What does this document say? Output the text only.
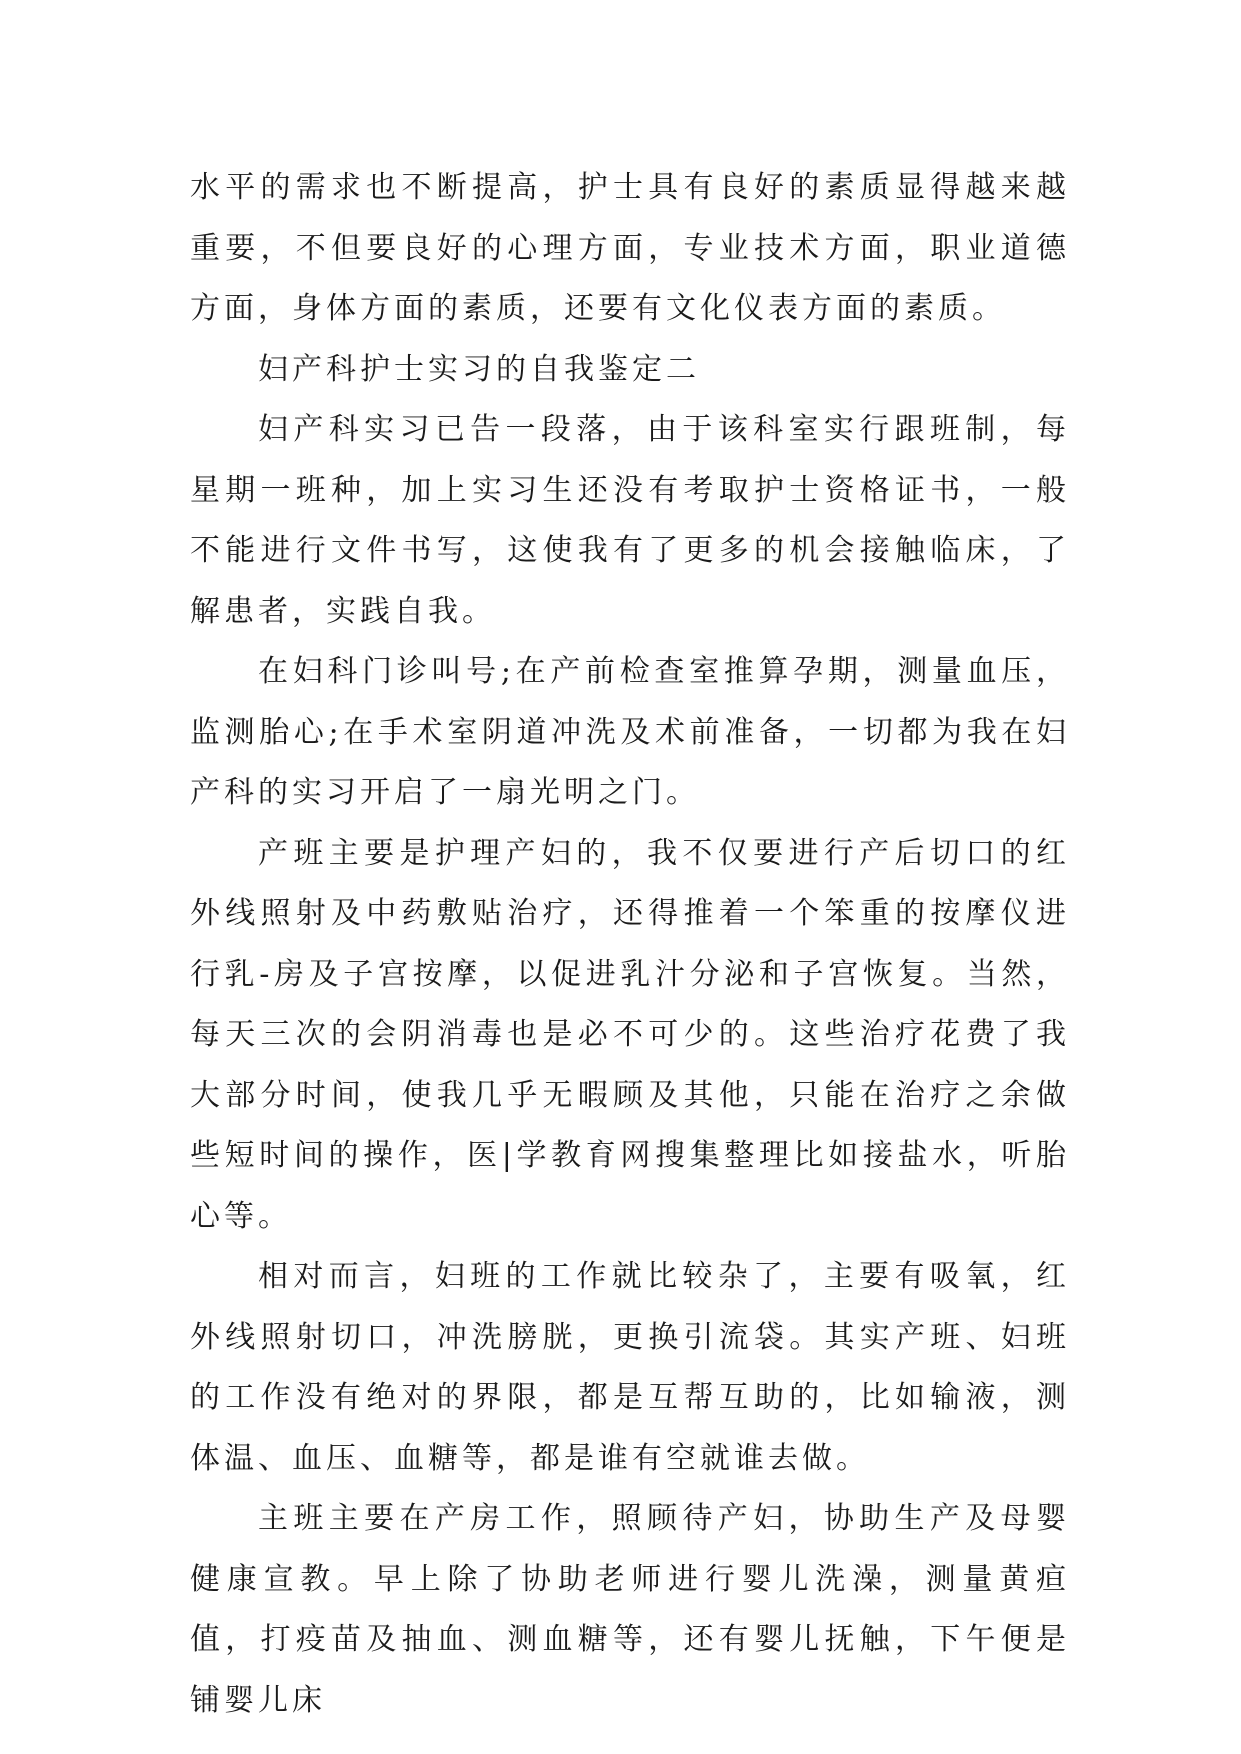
水平的需求也不断提高，护士具有良好的素质显得越来越重要，不但要良好的心理方面，专业技术方面，职业道德方面，身体方面的素质，还要有文化仪表方面的素质。

妇产科护士实习的自我鉴定二

妇产科实习已告一段落，由于该科室实行跟班制，每星期一班种，加上实习生还没有考取护士资格证书，一般不能进行文件书写，这使我有了更多的机会接触临床，了解患者，实践自我。

在妇科门诊叫号;在产前检查室推算孕期，测量血压，监测胎心;在手术室阴道冲洗及术前准备，一切都为我在妇产科的实习开启了一扇光明之门。

产班主要是护理产妇的，我不仅要进行产后切口的红外线照射及中药敷贴治疗，还得推着一个笨重的按摩仪进行乳-房及子宫按摩，以促进乳汁分泌和子宫恢复。当然，每天三次的会阴消毒也是必不可少的。这些治疗花费了我大部分时间，使我几乎无暇顾及其他，只能在治疗之余做些短时间的操作，医|学教育网搜集整理比如接盐水，听胎心等。

相对而言，妇班的工作就比较杂了，主要有吸氧，红外线照射切口，冲洗膀胱，更换引流袋。其实产班、妇班的工作没有绝对的界限，都是互帮互助的，比如输液，测体温、血压、血糖等，都是谁有空就谁去做。

主班主要在产房工作，照顾待产妇，协助生产及母婴健康宣教。早上除了协助老师进行婴儿洗澡，测量黄疸值，打疫苗及抽血、测血糖等，还有婴儿抚触，下午便是铺婴儿床
